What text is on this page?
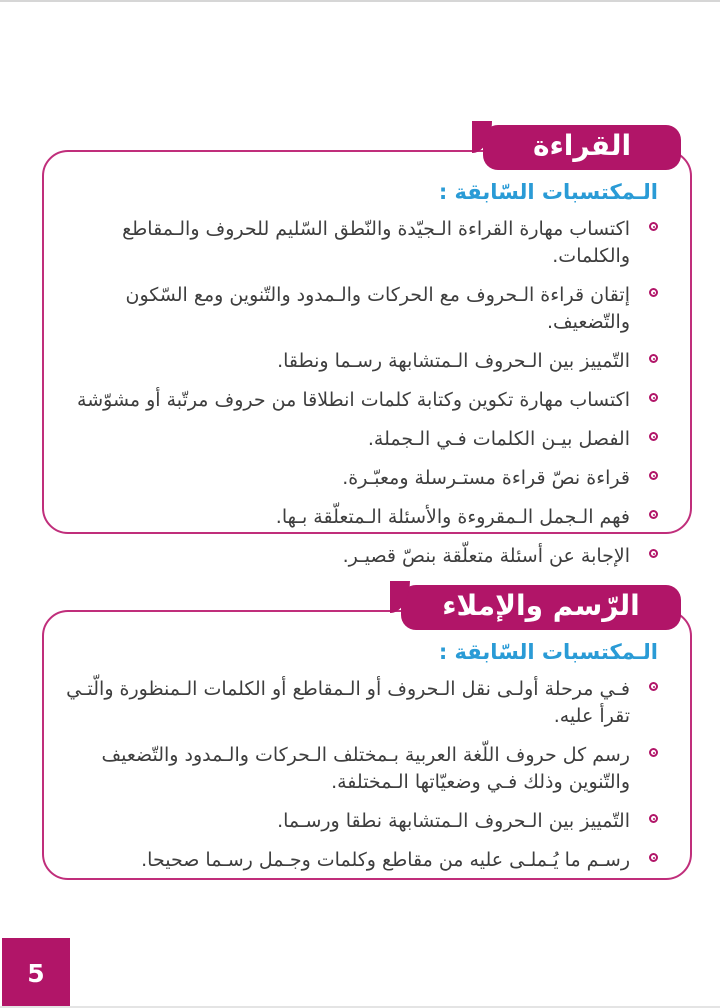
القراءة
الـمكتسبات السّابقة :
اكتساب مهارة القراءة الـجيّدة والنّطق السّليم للحروف والـمقاطع والكلمات.
إتقان قراءة الـحروف مع الحركات والـمدود والتّنوين ومع السّكون والتّضعيف.
التّمييز بين الـحروف الـمتشابهة رسـما ونطقا.
اكتساب مهارة تكوين وكتابة كلمات انطلاقا من حروف مرتّبة أو مشوّشة
الفصل بيـن الكلمات فـي الـجملة.
قراءة نصّ قراءة مستـرسلة ومعبّـرة.
فهم الـجمل الـمقروءة والأسئلة الـمتعلّقة بـها.
الإجابة عن أسئلة متعلّقة بنصّ قصيـر.
الرّسم والإملاء
الـمكتسبات السّابقة :
فـي مرحلة أولـى نقل الـحروف أو الـمقاطع أو الكلمات الـمنظورة والّتـي تقرأ عليه.
رسم كل حروف اللّغة العربية بـمختلف الـحركات والـمدود والتّضعيف والتّنوين وذلك فـي وضعيّاتها الـمختلفة.
التّمييز بين الـحروف الـمتشابهة نطقا ورسـما.
رسـم ما يُـملـى عليه من مقاطع وكلمات وجـمل رسـما صحيحا.
5
